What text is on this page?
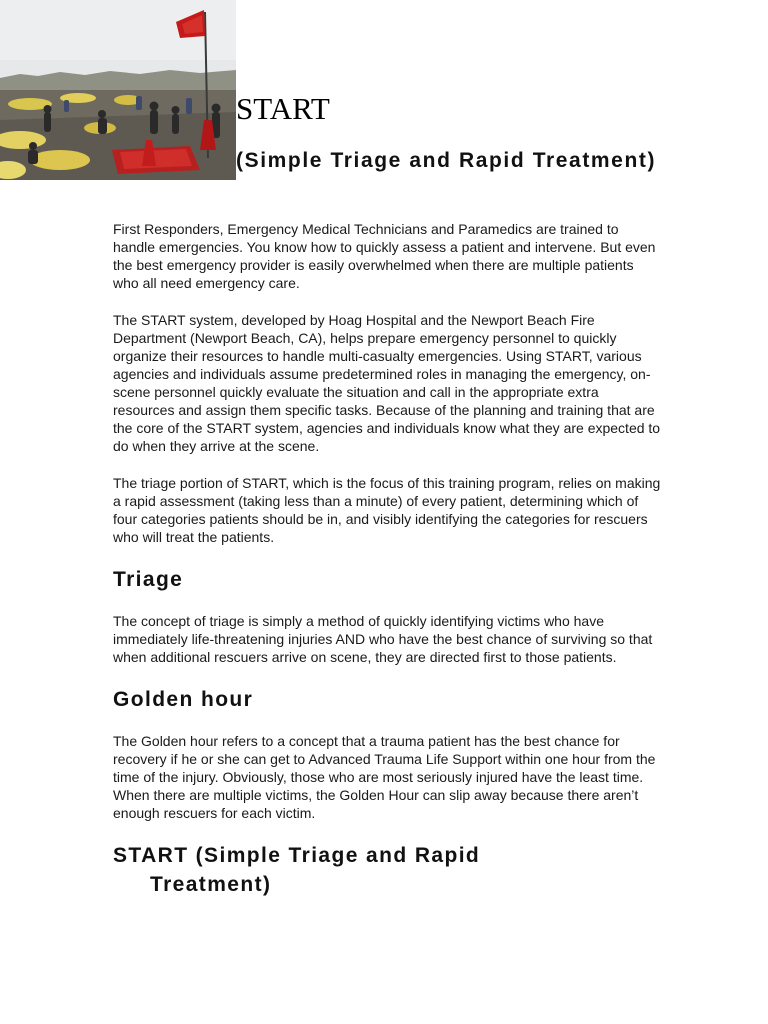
START
(Simple Triage and Rapid Treatment)

First Responders, Emergency Medical Technicians and Paramedics are trained to handle emergencies. You know how to quickly assess a patient and intervene. But even the best emergency provider is easily overwhelmed when there are multiple patients who all need emergency care.

The START system, developed by Hoag Hospital and the Newport Beach Fire Department (Newport Beach, CA), helps prepare emergency personnel to quickly organize their resources to handle multi-casualty emergencies. Using START, various agencies and individuals assume predetermined roles in managing the emergency, on-scene personnel quickly evaluate the situation and call in the appropriate extra resources and assign them specific tasks. Because of the planning and training that are the core of the START system, agencies and individuals know what they are expected to do when they arrive at the scene.

The triage portion of START, which is the focus of this training program, relies on making a rapid assessment (taking less than a minute) of every patient, determining which of four categories patients should be in, and visibly identifying the categories for rescuers who will treat the patients.

Triage

The concept of triage is simply a method of quickly identifying victims who have immediately life-threatening injuries AND who have the best chance of surviving so that when additional rescuers arrive on scene, they are directed first to those patients.

Golden hour

The Golden hour refers to a concept that a trauma patient has the best chance for recovery if he or she can get to Advanced Trauma Life Support within one hour from the time of the injury. Obviously, those who are most seriously injured have the least time. When there are multiple victims, the Golden Hour can slip away because there aren’t enough rescuers for each victim.

START (Simple Triage and Rapid Treatment)
